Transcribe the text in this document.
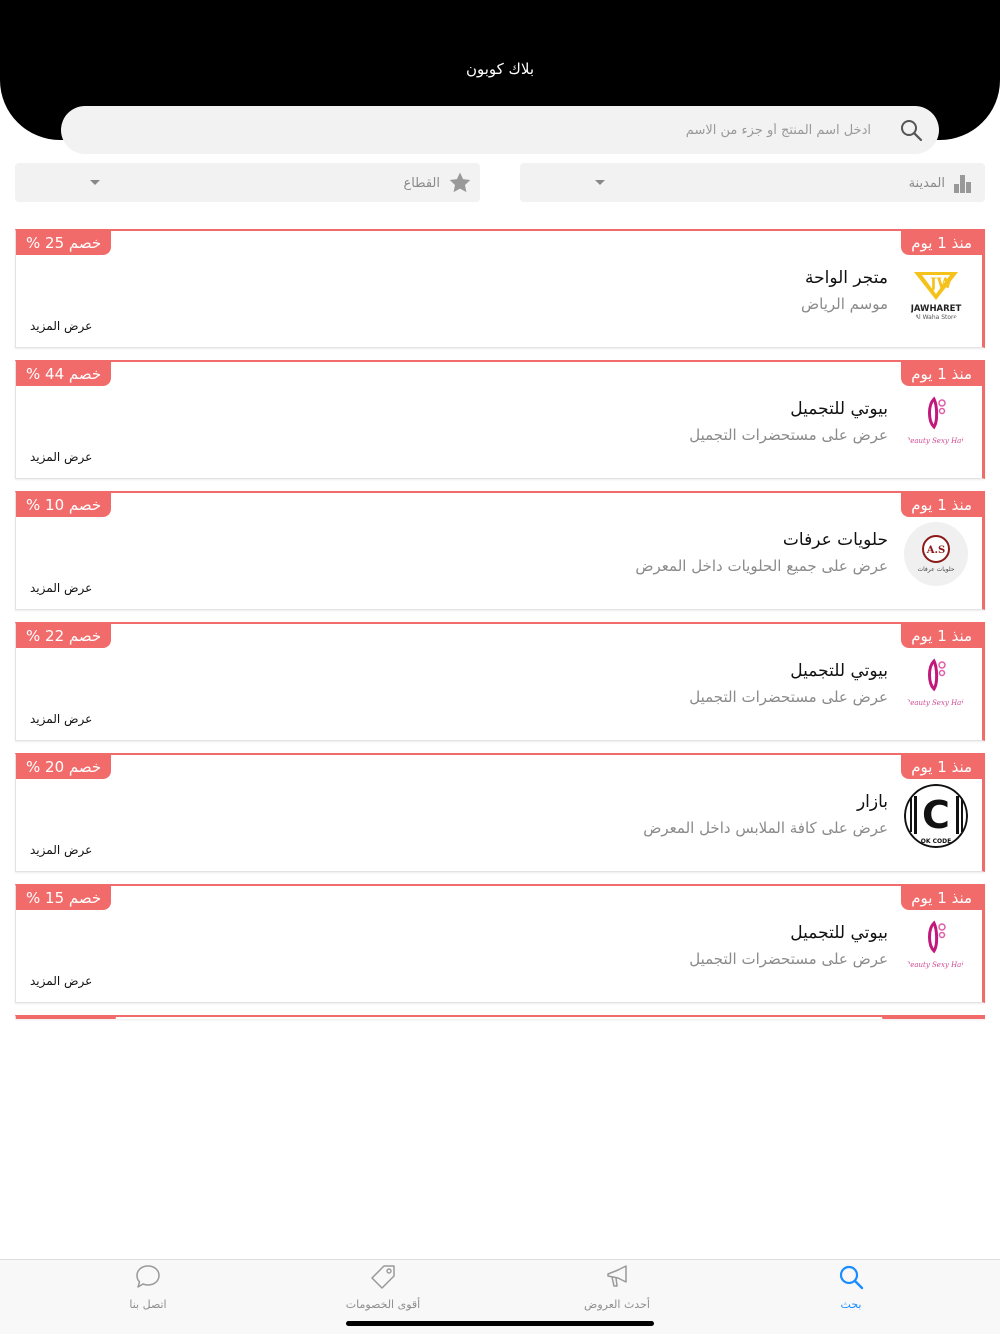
بلاك كوبون
ادخل اسم المنتج أو جزء من الاسم
المدينة
القطاع
منذ 1 يوم
خصم 25 %
JW
JAWHARET
Al Waha Store
متجر الواحة
موسم الرياض
عرض المزيد
منذ 1 يوم
خصم 44 %
Beauty Sexy Hair
بيوتي للتجميل
عرض على مستحضرات التجميل
عرض المزيد
منذ 1 يوم
خصم 10 %
A.S
حلويات عرفات
حلويات عرفات
عرض على جميع الحلويات داخل المعرض
عرض المزيد
منذ 1 يوم
خصم 22 %
Beauty Sexy Hair
بيوتي للتجميل
عرض على مستحضرات التجميل
عرض المزيد
منذ 1 يوم
خصم 20 %
C
OK CODE
بازار
عرض على كافة الملابس داخل المعرض
عرض المزيد
منذ 1 يوم
خصم 15 %
Beauty Sexy Hair
بيوتي للتجميل
عرض على مستحضرات التجميل
عرض المزيد
بحث
أحدث العروض
أقوى الخصومات
اتصل بنا
